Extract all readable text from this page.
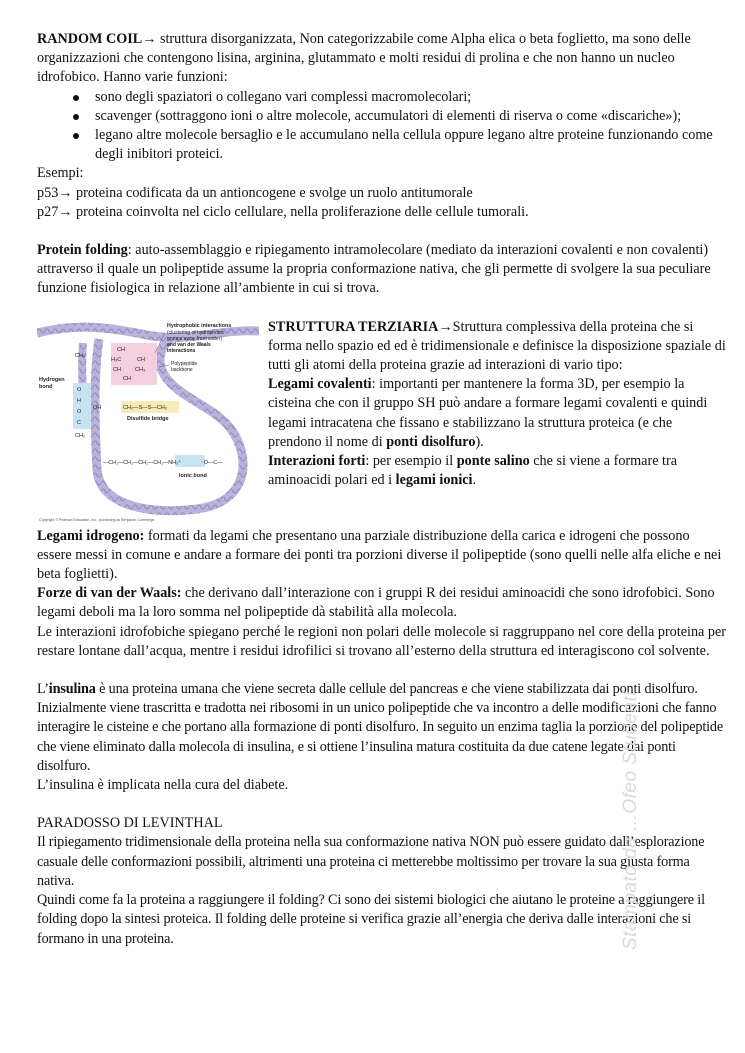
RANDOM COIL→ struttura disorganizzata, Non categorizzabile come Alpha elica o beta foglietto, ma sono delle organizzazioni che contengono lisina, arginina, glutammato e molti residui di prolina e che non hanno un nucleo idrofobico. Hanno varie funzioni:

sono degli spaziatori o collegano vari complessi macromolecolari;
scavenger (sottraggono ioni o altre molecole, accumulatori di elementi di riserva o come «discariche»);
legano altre molecole bersaglio e le accumulano nella cellula oppure legano altre proteine funzionando come degli inibitori proteici.

Esempi:

p53→ proteina codificata da un antioncogene e svolge un ruolo antitumorale

p27→ proteina coinvolta nel ciclo cellulare, nella proliferazione delle cellule tumorali.

Protein folding: auto-assemblaggio e ripiegamento intramolecolare (mediato da interazioni covalenti e non covalenti) attraverso il quale un polipeptide assume la propria conformazione nativa, che gli permette di svolgere la sua peculiare funzione fisiologica in relazione all’ambiente in cui si trova.

CH
H₃C	CH
CH	CH₃
CH
CH₂
O
H
O
C
OH
CH₂
Hydrogen
bond
CH₂—S—S—CH₂
Disulfide bridge
—CH₂—CH₂—CH₂—CH₂—NH₃⁺	⁻O—C—
Ionic bond
Hydrophobic interactions
(clustering of hydrophobic
groups away from water)
and van der Waals
interactions
Polypeptide
backbone
Copyright © Pearson Education, Inc., publishing as Benjamin Cummings

STRUTTURA TERZIARIA→Struttura complessiva della proteina che si forma nello spazio ed ed è tridimensionale e definisce la disposizione spaziale di tutti gli atomi della proteina grazie ad interazioni di vario tipo:

Legami covalenti: importanti per mantenere la forma 3D, per esempio la cisteina che con il gruppo SH può andare a formare legami covalenti e quindi legami intracatena che fissano e stabilizzano la struttura proteica (e che prendono il nome di ponti disolfuro).

Interazioni forti: per esempio il ponte salino che si viene a formare tra aminoacidi polari ed i legami ionici.

Legami idrogeno: formati da legami che presentano una parziale distribuzione della carica e idrogeni che possono essere messi in comune e andare a formare dei ponti tra porzioni diverse il polipeptide (sono quelli nelle alfa eliche e nei beta foglietti).

Forze di van der Waals: che derivano dall’interazione con i gruppi R dei residui aminoacidi che sono idrofobici. Sono legami deboli ma la loro somma nel polipeptide dà stabilità alla molecola.

Le interazioni idrofobiche spiegano perché le regioni non polari delle molecole si raggruppano nel core della proteina per restare lontane dall’acqua, mentre i residui idrofilici si trovano all’esterno della struttura ed interagiscono col solvente.

L’insulina è una proteina umana che viene secreta dalle cellule del pancreas e che viene stabilizzata dai ponti disolfuro. Inizialmente viene trascritta e tradotta nei ribosomi in un unico polipeptide che va incontro a delle modificazioni che fanno interagire le cisteine e che portano alla formazione di ponti disolfuro. In seguito un enzima taglia la porzione del polipeptide che viene eliminato dalla molecola di insulina, e si ottiene l’insulina matura costituita da due catene legate dai ponti disolfuro.

L’insulina è implicata nella cura del diabete.

PARADOSSO DI LEVINTHAL

Il ripiegamento tridimensionale della proteina nella sua conformazione nativa NON può essere guidato dall’esplorazione casuale delle conformazioni possibili, altrimenti una proteina ci metterebbe moltissimo per trovare la sua giusta forma nativa.

Quindi come fa la proteina a raggiungere il folding? Ci sono dei sistemi biologici che aiutano le proteine a raggiungere il folding dopo la sintesi proteica. Il folding delle proteine si verifica grazie all’energia che deriva dalle interazioni che si formano in una proteina.	Stampato da ...Ofeo Studenti
